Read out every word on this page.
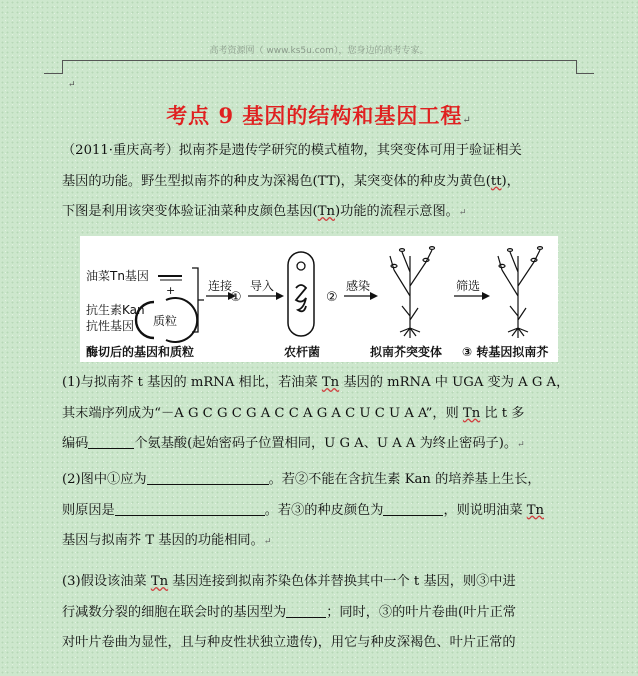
高考资源网（ www.ks5u.com），您身边的高考专家。
↵
考点 9 基因的结构和基因工程↵

（2011·重庆高考）拟南芥是遗传学研究的模式植物，其突变体可用于验证相关

基因的功能。野生型拟南芥的种皮为深褐色(TT)，某突变体的种皮为黄色(tt)，

下图是利用该突变体验证油菜种皮颜色基因(Tn)功能的流程示意图。↵

油菜Tn基因
+
抗生素Kan
抗性基因 质粒
连接
①
导入
②
感染	筛选
酶切后的基因和质粒	农杆菌	拟南芥突变体 ③ 转基因拟南芥

(1)与拟南芥 t 基因的 mRNA 相比，若油菜 Tn 基因的 mRNA 中 UGA 变为 A G A，

其末端序列成为“－A G C G C G A C C A G A C U C U A A”，则 Tn 比 t 多

编码	个氨基酸(起始密码子位置相同，U G A、U A A 为终止密码子)。↵

(2)图中①应为	。若②不能在含抗生素 Kan 的培养基上生长，

则原因是	。若③的种皮颜色为	，则说明油菜 Tn

基因与拟南芥 T 基因的功能相同。↵

(3)假设该油菜 Tn 基因连接到拟南芥染色体并替换其中一个 t 基因，则③中进

行减数分裂的细胞在联会时的基因型为	；同时，③的叶片卷曲(叶片正常

对叶片卷曲为显性，且与种皮性状独立遗传)，用它与种皮深褐色、叶片正常的
